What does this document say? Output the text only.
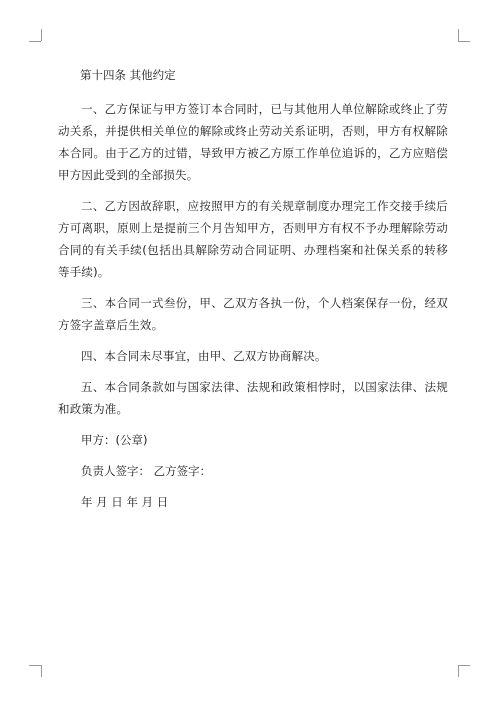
第十四条 其他约定

一、乙方保证与甲方签订本合同时，已与其他用人单位解除或终止了劳动关系，并提供相关单位的解除或终止劳动关系证明，否则，甲方有权解除本合同。由于乙方的过错，导致甲方被乙方原工作单位追诉的，乙方应赔偿甲方因此受到的全部损失。

二、乙方因故辞职，应按照甲方的有关规章制度办理完工作交接手续后方可离职，原则上是提前三个月告知甲方，否则甲方有权不予办理解除劳动合同的有关手续(包括出具解除劳动合同证明、办理档案和社保关系的转移等手续)。

三、本合同一式叁份，甲、乙双方各执一份，个人档案保存一份，经双方签字盖章后生效。

四、本合同未尽事宜，由甲、乙双方协商解决。

五、本合同条款如与国家法律、法规和政策相悖时，以国家法律、法规和政策为准。

甲方：(公章)
负责人签字： 乙方签字：
年 月 日 年 月 日
